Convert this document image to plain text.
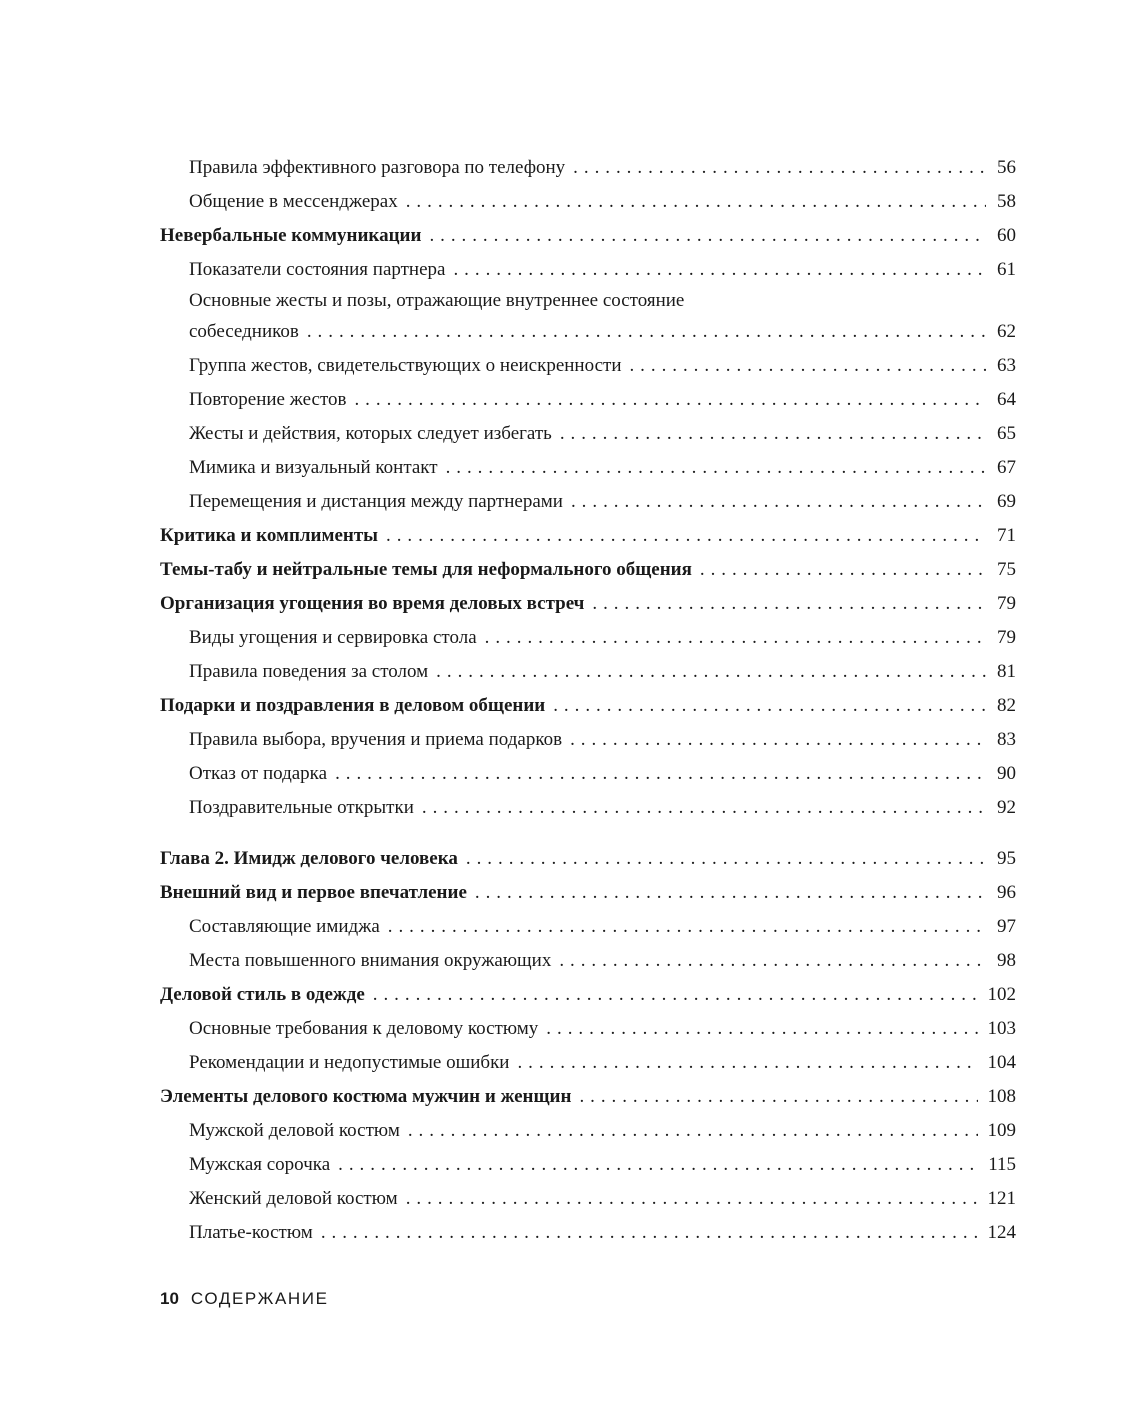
Правила эффективного разговора по телефону . . .	56
Общение в мессенджерах . . .	58
Невербальные коммуникации . . .	60
Показатели состояния партнера . . .	61
Основные жесты и позы, отражающие внутреннее состояние
собеседников . . .	62
Группа жестов, свидетельствующих о неискренности . . .	63
Повторение жестов . . .	64
Жесты и действия, которых следует избегать . . .	65
Мимика и визуальный контакт . . .	67
Перемещения и дистанция между партнерами . . .	69
Критика и комплименты . . .	71
Темы-табу и нейтральные темы для неформального общения . . .	75
Организация угощения во время деловых встреч . . .	79
Виды угощения и сервировка стола . . .	79
Правила поведения за столом . . .	81
Подарки и поздравления в деловом общении . . .	82
Правила выбора, вручения и приема подарков . . .	83
Отказ от подарка . . .	90
Поздравительные открытки . . .	92
Глава 2. Имидж делового человека . . .	95
Внешний вид и первое впечатление . . .	96
Составляющие имиджа . . .	97
Места повышенного внимания окружающих . . .	98
Деловой стиль в одежде . . .	102
Основные требования к деловому костюму . . .	103
Рекомендации и недопустимые ошибки . . .	104
Элементы делового костюма мужчин и женщин . . .	108
Мужской деловой костюм . . .	109
Мужская сорочка . . .	115
Женский деловой костюм . . .	121
Платье-костюм . . .	124
10 СОДЕРЖАНИЕ
